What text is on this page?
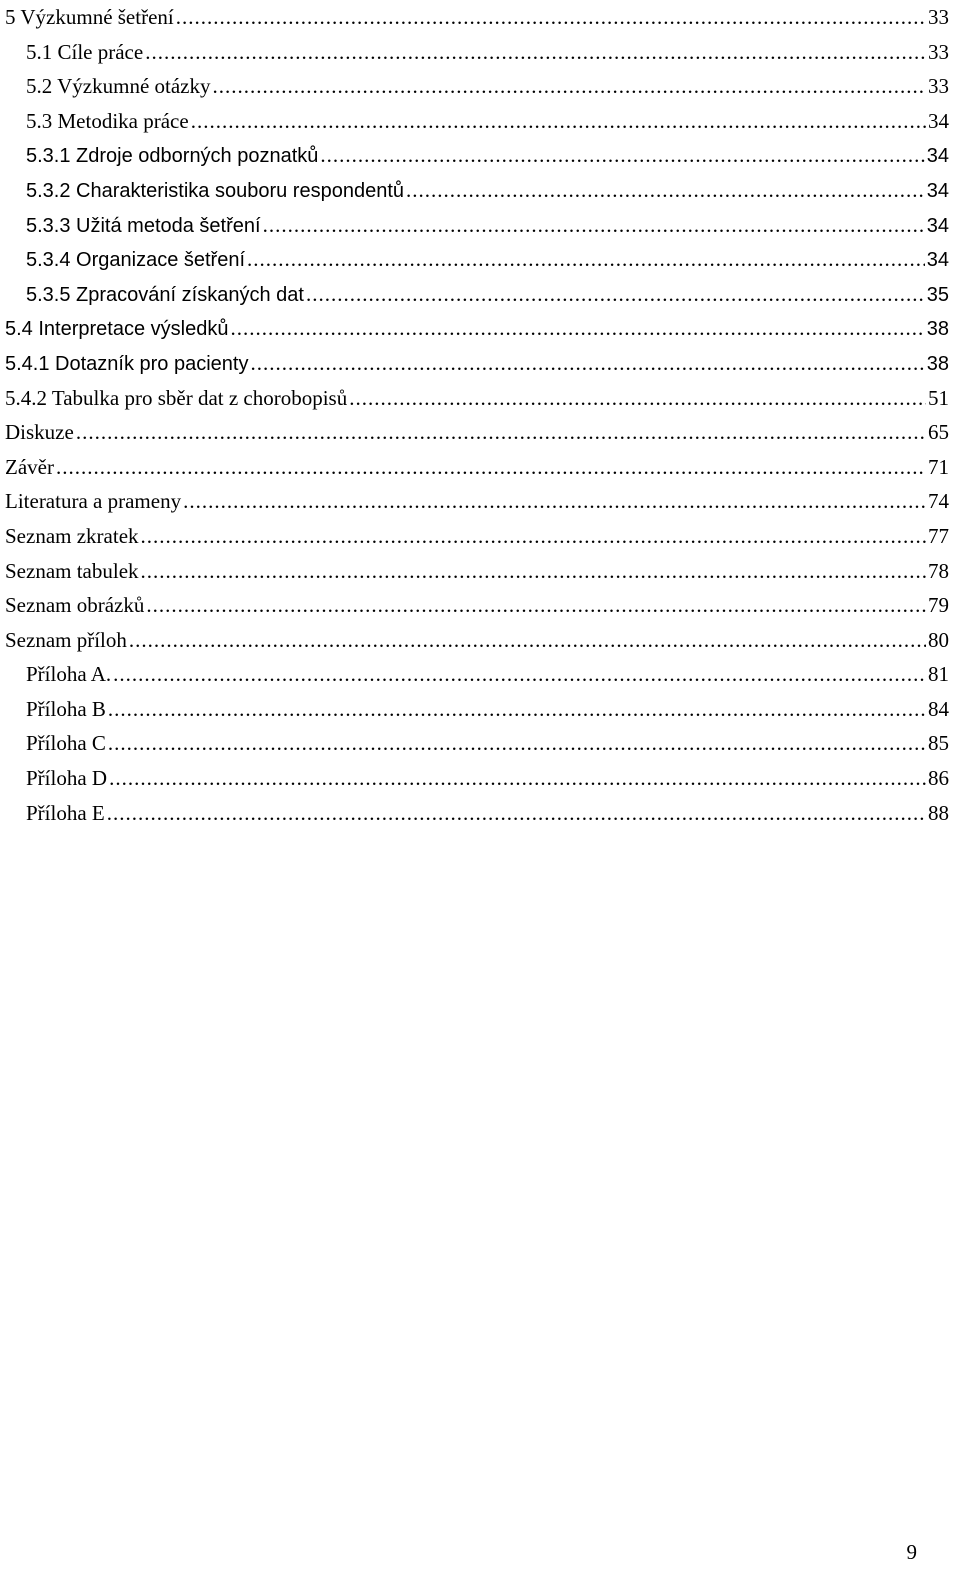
5 Výzkumné šetření .....	33
5.1 Cíle práce .....	33
5.2 Výzkumné otázky .....	33
5.3 Metodika práce .....	34
5.3.1 Zdroje odborných poznatků .....	34
5.3.2 Charakteristika souboru respondentů .....	34
5.3.3 Užitá metoda šetření .....	34
5.3.4 Organizace šetření .....	34
5.3.5 Zpracování získaných dat .....	35
5.4 Interpretace výsledků .....	38
5.4.1 Dotazník pro pacienty .....	38
5.4.2 Tabulka pro sběr dat z chorobopisů .....	51
Diskuze .....	65
Závěr .....	71
Literatura a prameny .....	74
Seznam zkratek .....	77
Seznam tabulek .....	78
Seznam obrázků .....	79
Seznam příloh .....	80
Příloha A. .....	81
Příloha B .....	84
Příloha C .....	85
Příloha D .....	86
Příloha E .....	88
9
